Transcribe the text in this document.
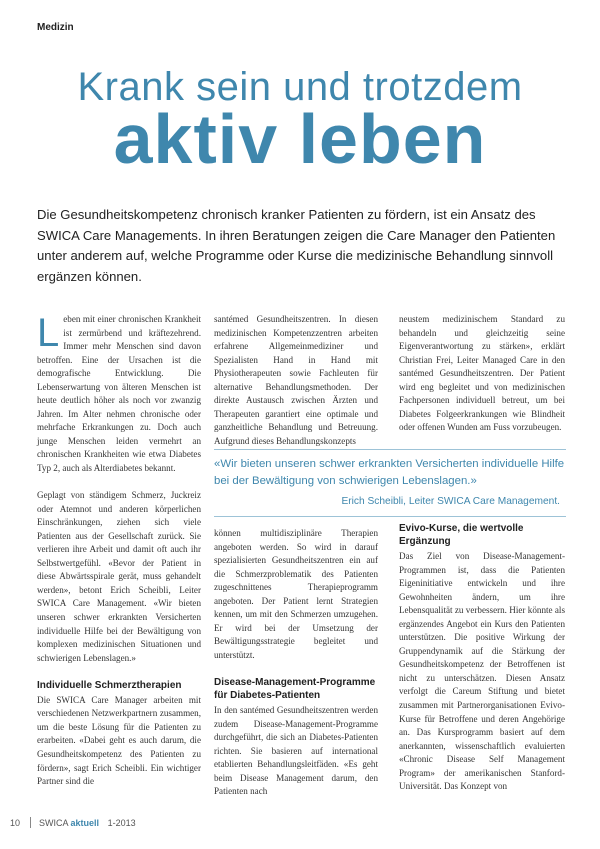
Medizin
Krank sein und trotzdem
aktiv leben
Die Gesundheitskompetenz chronisch kranker Patienten zu fördern, ist ein Ansatz des SWICA Care Managements. In ihren Beratungen zeigen die Care Manager den Patienten unter anderem auf, welche Programme oder Kurse die medizinische Behandlung sinnvoll ergänzen können.

L eben mit einer chronischen Krankheit ist zermürbend und kräftezehrend. Immer mehr Menschen sind davon betroffen. Eine der Ursachen ist die demografische Entwicklung. Die Lebenserwartung von älteren Menschen ist heute deutlich höher als noch vor zwanzig Jahren. Im Alter nehmen chronische oder mehrfache Erkrankungen zu. Doch auch junge Menschen leiden vermehrt an chronischen Krankheiten wie etwa Diabetes Typ 2, auch als Alterdiabetes bekannt.

Geplagt von ständigem Schmerz, Juckreiz oder Atemnot und anderen körperlichen Einschränkungen, ziehen sich viele Patienten aus der Gesellschaft zurück. Sie verlieren ihre Arbeit und damit oft auch ihr Selbstwertgefühl. «Bevor der Patient in diese Abwärtsspirale gerät, muss gehandelt werden», betont Erich Scheibli, Leiter SWICA Care Management. «Wir bieten unseren schwer erkrankten Versicherten individuelle Hilfe bei der Bewältigung von komplexen medizinischen Situationen und schwierigen Lebenslagen.»

Individuelle Schmerztherapien

Die SWICA Care Manager arbeiten mit verschiedenen Netzwerkpartnern zusammen, um die beste Lösung für die Patienten zu erarbeiten. «Dabei geht es auch darum, die Gesundheitskompetenz des Patienten zu fördern», sagt Erich Scheibli. Ein wichtiger Partner sind die

santémed Gesundheitszentren. In diesen medizinischen Kompetenzzentren arbeiten erfahrene Allgemeinmediziner und Spezialisten Hand in Hand mit Physiotherapeuten sowie Fachleuten für alternative Behandlungsmethoden. Der direkte Austausch zwischen Ärzten und Therapeuten garantiert eine optimale und ganzheitliche Behandlung und Betreuung. Aufgrund dieses Behandlungskonzepts

neustem medizinischem Standard zu behandeln und gleichzeitig seine Eigenverantwortung zu stärken», erklärt Christian Frei, Leiter Managed Care in den santémed Gesundheitszentren. Der Patient wird eng begleitet und von medizinischen Fachpersonen individuell betreut, um bei Diabetes Folgeerkrankungen wie Blindheit oder offenen Wunden am Fuss vorzubeugen.

«Wir bieten unseren schwer erkrankten Versicherten individuelle Hilfe bei der Bewältigung von schwierigen Lebenslagen.»
Erich Scheibli, Leiter SWICA Care Management.

können multidisziplinäre Therapien angeboten werden. So wird in darauf spezialisierten Gesundheitszentren ein auf die Schmerzproblematik des Patienten zugeschnittenes Therapieprogramm angeboten. Der Patient lernt Strategien kennen, um mit den Schmerzen umzugehen. Er wird bei der Umsetzung der Bewältigungsstrategie begleitet und unterstützt.

Disease-Management-Programme für Diabetes-Patienten

In den santémed Gesundheitszentren werden zudem Disease-Management-Programme durchgeführt, die sich an Diabetes-Patienten richten. Sie basieren auf international etablierten Behandlungsleitfäden. «Es geht beim Disease Management darum, den Patienten nach

Evivo-Kurse, die wertvolle Ergänzung

Das Ziel von Disease-Management-Programmen ist, dass die Patienten Eigeninitiative entwickeln und ihre Gewohnheiten ändern, um ihre Lebensqualität zu verbessern. Hier könnte als ergänzendes Angebot ein Kurs den Patienten unterstützen. Die positive Wirkung der Gruppendynamik auf die Stärkung der Gesundheitskompetenz der Betroffenen ist nicht zu unterschätzen. Diesen Ansatz verfolgt die Careum Stiftung und bietet zusammen mit Partnerorganisationen Evivo-Kurse für Betroffene und deren Angehörige an. Das Kursprogramm basiert auf dem anerkannten, wissenschaftlich evaluierten «Chronic Disease Self Management Program» der amerikanischen Stanford-Universität. Das Konzept von

10 SWICA aktuell 1-2013
